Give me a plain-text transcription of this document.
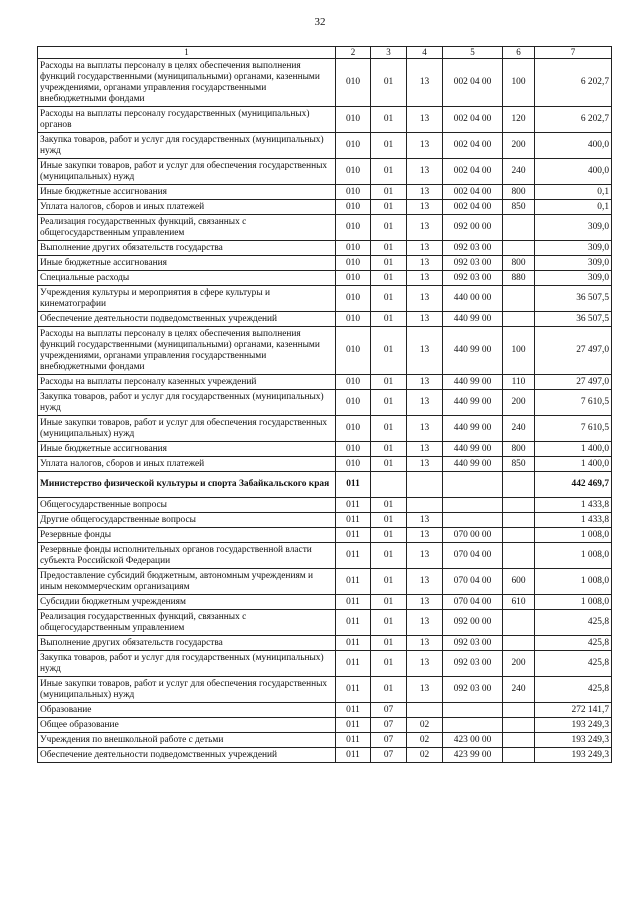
32
1	2	3	4	5	6	7
Расходы на выплаты персоналу в целях обеспечения выполнения функций государственными (муниципальными) органами, казенными учреждениями, органами управления государственными внебюджетными фондами	010	01	13	002 04 00	100	6 202,7
Расходы на выплаты персоналу государственных (муниципальных) органов	010	01	13	002 04 00	120	6 202,7
Закупка товаров, работ и услуг для государственных (муниципальных) нужд	010	01	13	002 04 00	200	400,0
Иные закупки товаров, работ и услуг для обеспечения государственных (муниципальных) нужд	010	01	13	002 04 00	240	400,0
Иные бюджетные ассигнования	010	01	13	002 04 00	800	0,1
Уплата налогов, сборов и иных платежей	010	01	13	002 04 00	850	0,1
Реализация государственных функций, связанных с общегосударственным управлением	010	01	13	092 00 00		309,0
Выполнение других обязательств государства	010	01	13	092 03 00		309,0
Иные бюджетные ассигнования	010	01	13	092 03 00	800	309,0
Специальные расходы	010	01	13	092 03 00	880	309,0
Учреждения культуры и мероприятия в сфере культуры и кинематографии	010	01	13	440 00 00		36 507,5
Обеспечение деятельности подведомственных учреждений	010	01	13	440 99 00		36 507,5
Расходы на выплаты персоналу в целях обеспечения выполнения функций государственными (муниципальными) органами, казенными учреждениями, органами управления государственными внебюджетными фондами	010	01	13	440 99 00	100	27 497,0
Расходы на выплаты персоналу казенных учреждений	010	01	13	440 99 00	110	27 497,0
Закупка товаров, работ и услуг для государственных (муниципальных) нужд	010	01	13	440 99 00	200	7 610,5
Иные закупки товаров, работ и услуг для обеспечения государственных (муниципальных) нужд	010	01	13	440 99 00	240	7 610,5
Иные бюджетные ассигнования	010	01	13	440 99 00	800	1 400,0
Уплата налогов, сборов и иных платежей	010	01	13	440 99 00	850	1 400,0
Министерство физической культуры и спорта Забайкальского края	011					442 469,7
Общегосударственные вопросы	011	01				1 433,8
Другие общегосударственные вопросы	011	01	13			1 433,8
Резервные фонды	011	01	13	070 00 00		1 008,0
Резервные фонды исполнительных органов государственной власти субъекта Российской Федерации	011	01	13	070 04 00		1 008,0
Предоставление субсидий бюджетным, автономным учреждениям и иным некоммерческим организациям	011	01	13	070 04 00	600	1 008,0
Субсидии бюджетным учреждениям	011	01	13	070 04 00	610	1 008,0
Реализация государственных функций, связанных с общегосударственным управлением	011	01	13	092 00 00		425,8
Выполнение других обязательств государства	011	01	13	092 03 00		425,8
Закупка товаров, работ и услуг для государственных (муниципальных) нужд	011	01	13	092 03 00	200	425,8
Иные закупки товаров, работ и услуг для обеспечения государственных (муниципальных) нужд	011	01	13	092 03 00	240	425,8
Образование	011	07				272 141,7
Общее образование	011	07	02			193 249,3
Учреждения по внешкольной работе с детьми	011	07	02	423 00 00		193 249,3
Обеспечение деятельности подведомственных учреждений	011	07	02	423 99 00		193 249,3
